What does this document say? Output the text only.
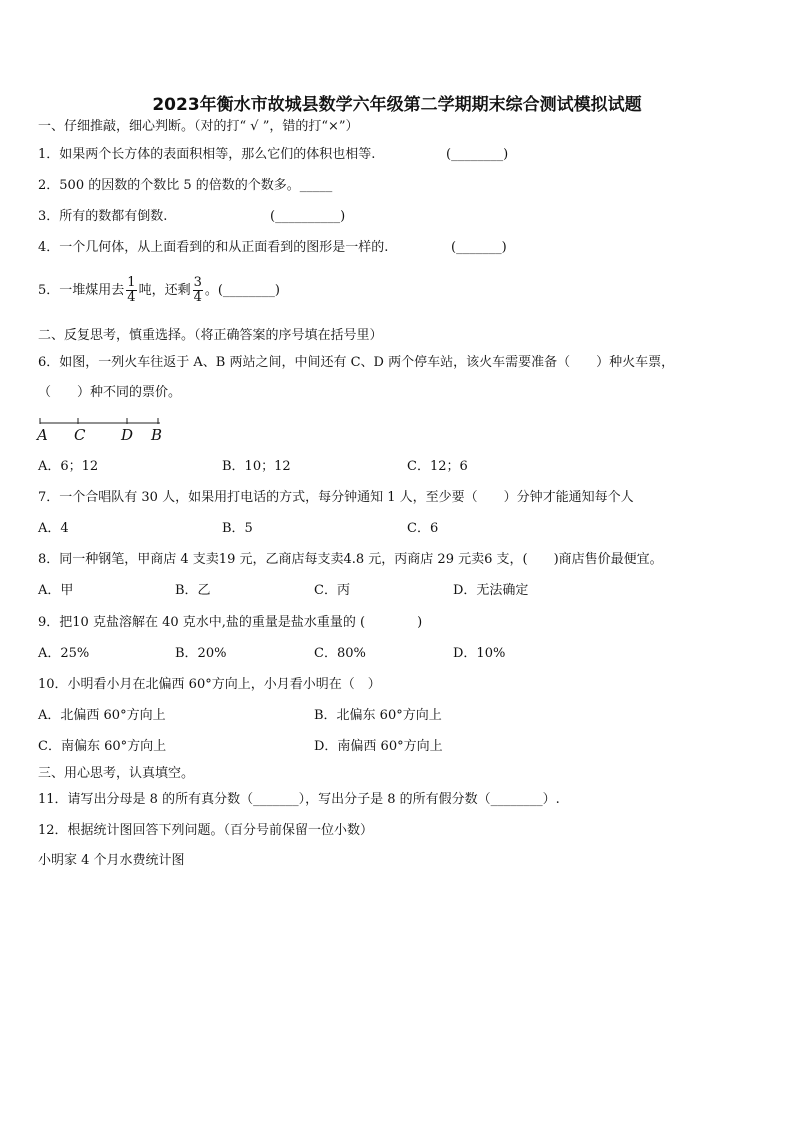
2023年衡水市故城县数学六年级第二学期期末综合测试模拟试题
一、仔细推敲，细心判断。（对的打“ √ ”，错的打“×”）
1．如果两个长方体的表面积相等，那么它们的体积也相等.	(________)
2．500 的因数的个数比 5 的倍数的个数多。_____
3．所有的数都有倒数.	(__________)
4．一个几何体，从上面看到的和从正面看到的图形是一样的.	(_______)
5．一堆煤用去 $\frac{1}{4}$ 吨，还剩 $\frac{3}{4}$ 。(________)
二、反复思考，慎重选择。（将正确答案的序号填在括号里）
6．如图，一列火车往返于 A、B 两站之间，中间还有 C、D 两个停车站，该火车需要准备（　　）种火车票，
（　　）种不同的票价。
A C D B
A．6；12	B．10；12	C．12；6
7．一个合唱队有 30 人，如果用打电话的方式，每分钟通知 1 人，至少要（　　）分钟才能通知每个人
A．4	B．5	C．6
8．同一种钢笔，甲商店 4 支卖19 元，乙商店每支卖4.8 元，丙商店 29 元卖6 支，(　　)商店售价最便宜。
A．甲	B．乙	C．丙	D．无法确定
9．把10 克盐溶解在 40 克水中,盐的重量是盐水重量的 (　　　　)
A．25%	B．20%	C．80%	D．10%
10．小明看小月在北偏西 60°方向上，小月看小明在（　）
A．北偏西 60°方向上	B．北偏东 60°方向上
C．南偏东 60°方向上	D．南偏西 60°方向上
三、用心思考，认真填空。
11．请写出分母是 8 的所有真分数（_______），写出分子是 8 的所有假分数（________）.
12．根据统计图回答下列问题。（百分号前保留一位小数）
小明家 4 个月水费统计图
